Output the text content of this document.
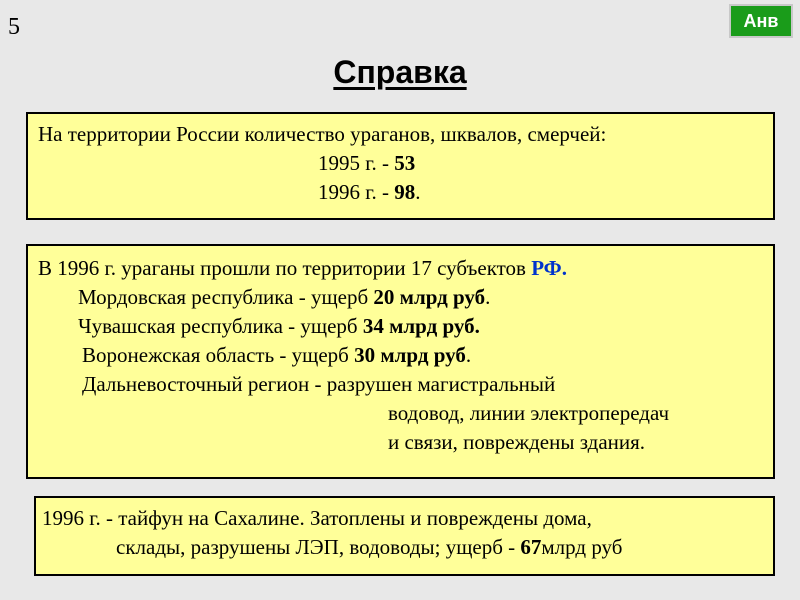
5	Анв
Справка
На территории России количество ураганов, шквалов, смерчей:
1995 г. - 53
1996 г. - 98.
В 1996 г. ураганы прошли по территории 17 субъектов РФ.
Мордовская республика - ущерб 20 млрд руб.
Чувашская республика - ущерб 34 млрд руб.
Воронежская область - ущерб 30 млрд руб.
Дальневосточный регион - разрушен магистральный
водовод, линии электропередач
и связи, повреждены здания.
1996 г. - тайфун на Сахалине. Затоплены и повреждены дома,
склады, разрушены ЛЭП, водоводы; ущерб - 67млрд руб
